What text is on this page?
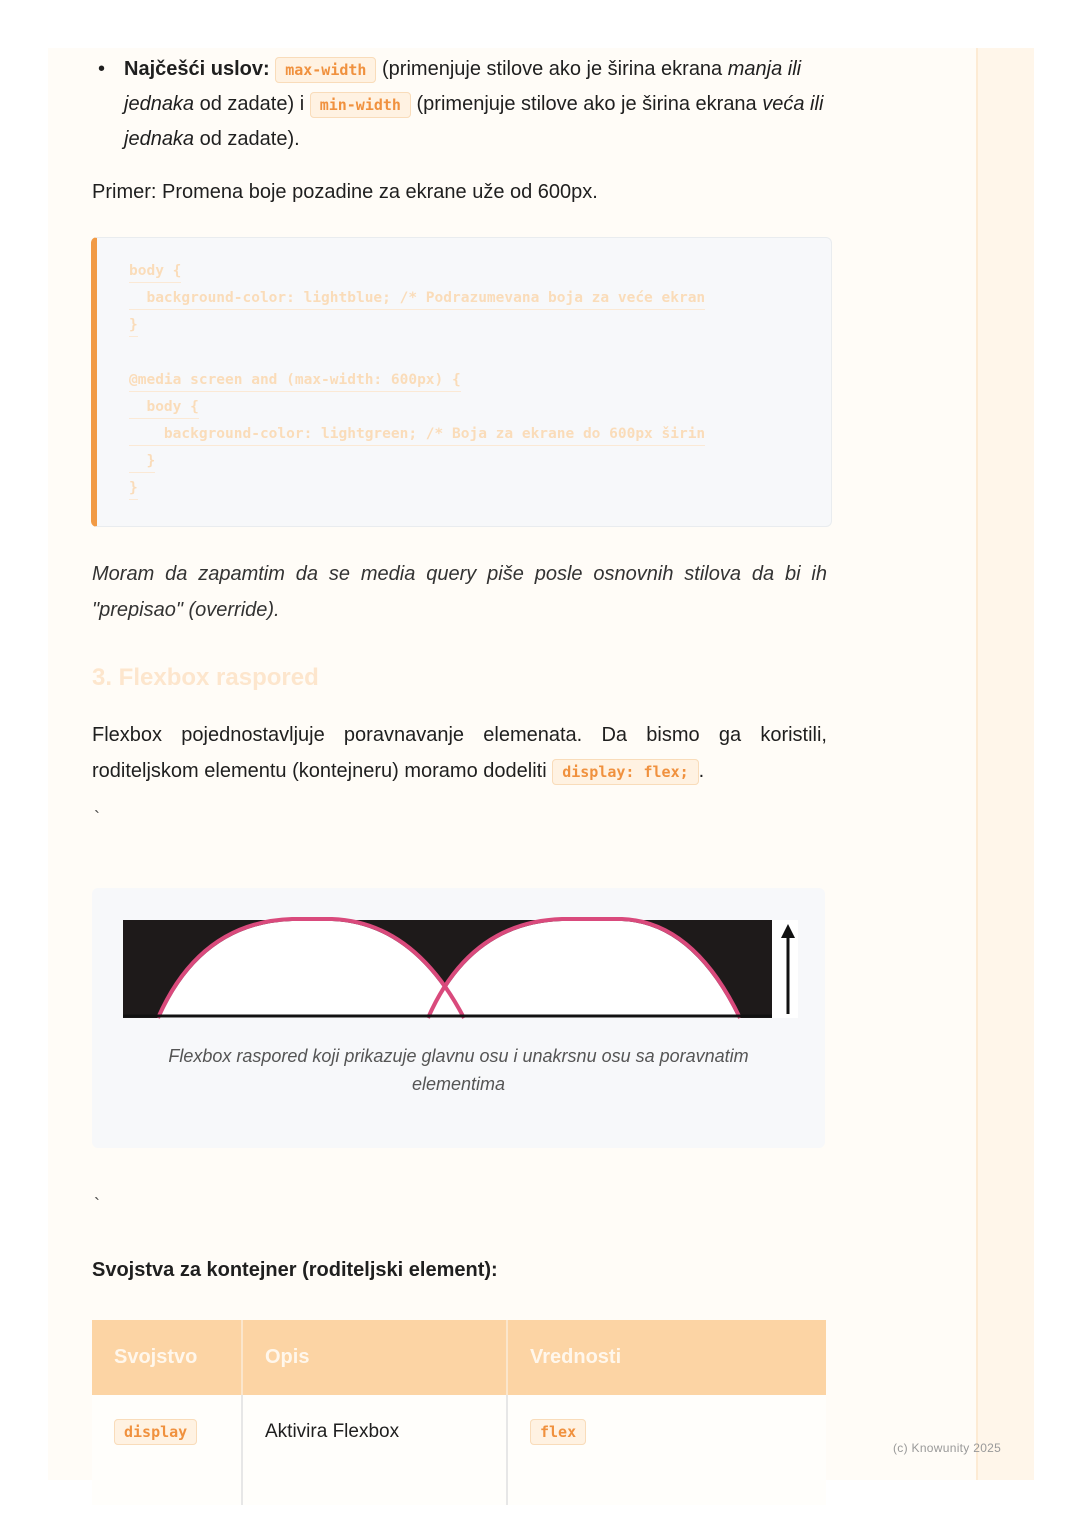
• Najčešći uslov: max-width (primenjuje stilove ako je širina ekrana manja ili jednaka od zadate) i min-width (primenjuje stilove ako je širina ekrana veća ili jednaka od zadate).
Primer: Promena boje pozadine za ekrane uže od 600px.
body {
background-color: lightblue; /* Podrazumevana boja za veće ekran
}
@media screen and (max-width: 600px) {
body {
background-color: lightgreen; /* Boja za ekrane do 600px širin
}
}
Moram da zapamtim da se media query piše posle osnovnih stilova da bi ih "prepisao" (override).
3. Flexbox raspored
Flexbox pojednostavljuje poravnavanje elemenata. Da bismo ga koristili, roditeljskom elementu (kontejneru) moramo dodeliti display: flex; .
`
Flexbox raspored koji prikazuje glavnu osu i unakrsnu osu sa poravnatim elementima
`
Svojstva za kontejner (roditeljski element):
Svojstvo	Opis	Vrednosti
display	Aktivira Flexbox	flex
(c) Knowunity 2025
